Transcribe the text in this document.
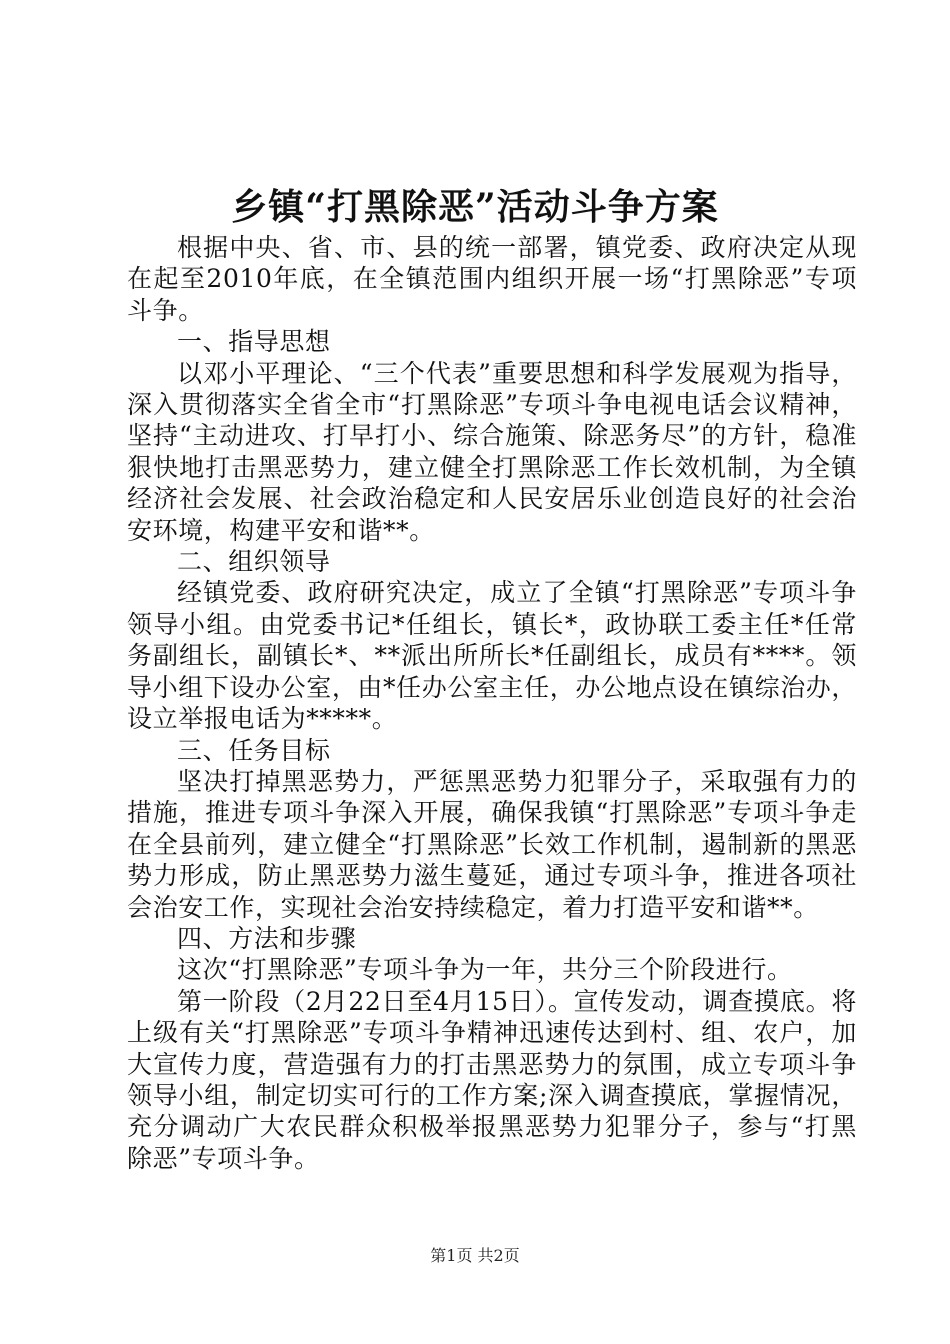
乡镇“打黑除恶”活动斗争方案

根据中央、省、市、县的统一部署，镇党委、政府决定从现在起至2010年底，在全镇范围内组织开展一场“打黑除恶”专项斗争。

一、指导思想

以邓小平理论、“三个代表”重要思想和科学发展观为指导，深入贯彻落实全省全市“打黑除恶”专项斗争电视电话会议精神，坚持“主动进攻、打早打小、综合施策、除恶务尽”的方针，稳准狠快地打击黑恶势力，建立健全打黑除恶工作长效机制，为全镇经济社会发展、社会政治稳定和人民安居乐业创造良好的社会治安环境，构建平安和谐**。

二、组织领导

经镇党委、政府研究决定，成立了全镇“打黑除恶”专项斗争领导小组。由党委书记*任组长，镇长*，政协联工委主任*任常务副组长，副镇长*、**派出所所长*任副组长，成员有****。领导小组下设办公室，由*任办公室主任，办公地点设在镇综治办，设立举报电话为*****。

三、任务目标

坚决打掉黑恶势力，严惩黑恶势力犯罪分子，采取强有力的措施，推进专项斗争深入开展，确保我镇“打黑除恶”专项斗争走在全县前列，建立健全“打黑除恶”长效工作机制，遏制新的黑恶势力形成，防止黑恶势力滋生蔓延，通过专项斗争，推进各项社会治安工作，实现社会治安持续稳定，着力打造平安和谐**。

四、方法和步骤

这次“打黑除恶”专项斗争为一年，共分三个阶段进行。

第一阶段（2月22日至4月15日）。宣传发动，调查摸底。将上级有关“打黑除恶”专项斗争精神迅速传达到村、组、农户，加大宣传力度，营造强有力的打击黑恶势力的氛围，成立专项斗争领导小组，制定切实可行的工作方案;深入调查摸底，掌握情况，充分调动广大农民群众积极举报黑恶势力犯罪分子，参与“打黑除恶”专项斗争。

第1页 共2页
